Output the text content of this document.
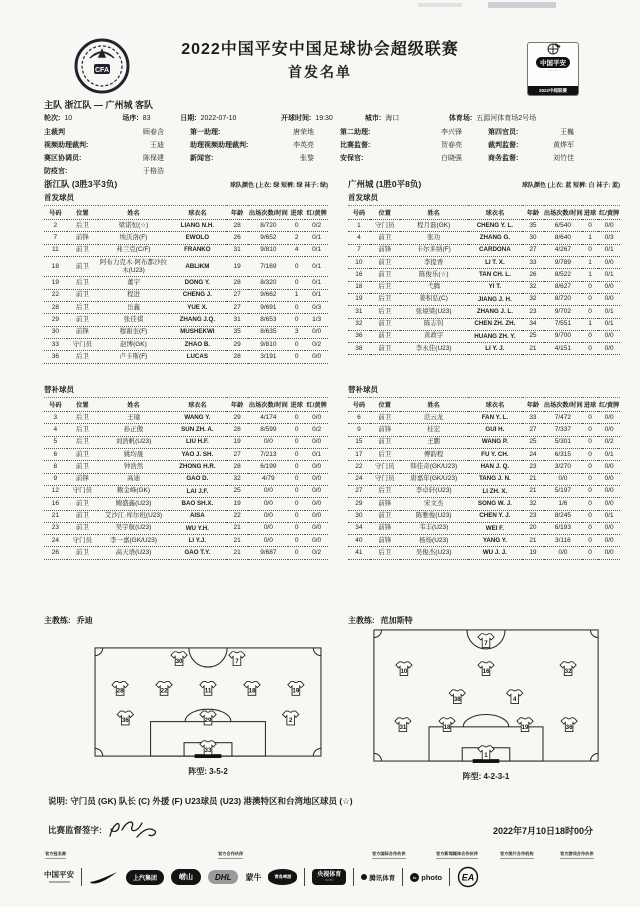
CFA
2022中国平安中国足球协会超级联赛
首发名单
中国平安
·········
2022中超联赛
主队 浙江队 — 广州城 客队
轮次: 10	场序: 83	日期: 2022-07-10	开球时间: 19:30	城市: 海口	体育场: 五源河体育场2号场
主裁判	顾春含	第一助理:	唐荣地	第二助理:	李兴锋	第四官员:	王巍
视频助理裁判:	王迪	助理视频助理裁判:	李英亮	比赛监督:	贺春亮	裁判监督:	黄烨军
赛区协调员:	陈保建	新闻官:	张黎	安保官:	白晓强	商务监督:	刘竹佳
防疫官:	于格浩
浙江队 (3胜3平3负)	球队颜色 (上衣: 绿 短裤: 绿 袜子: 绿) 广州城 (1胜0平8负)	球队颜色 (上衣: 蓝 短裤: 白 袜子: 蓝)
首发球员
号码	位置	姓名	球衣名	年龄	出场次数/时间	进球	红/黄牌
2	后卫	梁诺恒(☆)	LIANG N.H.	28	8/720	0	0/2
7	前锋	埃沃洛(F)	EWOLO	26	9/652	2	0/1
11	前卫	弗兰克(C/F)	FRANKO	31	9/810	4	0/1
18	前卫	阿布力克木·阿布都沙拉木(U23)	ABLIKM	19	7/169	0	0/1
19	后卫	董宇	DONG Y.	28	8/320	0	0/1
22	前卫	程进	CHENG J.	27	9/662	1	0/1
28	后卫	岳鑫	YUE X.	27	9/691	0	0/3
29	前卫	张佳祺	ZHANG J.Q.	31	8/653	0	1/3
30	前锋	穆谢奎(F)	MUSHEKWI	35	8/635	3	0/0
33	守门员	赵博(GK)	ZHAO B.	29	9/810	0	0/2
36	后卫	卢卡斯(F)	LUCAS	28	3/191	0	0/0
首发球员
号码	位置	姓名	球衣名	年龄	出场次数/时间	进球	红/黄牌
1	守门员	程月磊(GK)	CHENG Y. L.	35	6/540	0	0/0
4	前卫	张功	ZHANG G.	30	8/640	1	0/3
7	前锋	卡尔多纳(F)	CARDONA	27	4/267	0	0/1
10	前卫	李提香	LI T. X.	33	9/789	1	0/0
16	前卫	陈俊乐(☆)	TAN CH. L.	26	8/522	1	0/1
18	后卫	弋腾	YI T.	32	8/627	0	0/0
19	后卫	姜积弘(C)	JIANG J. H.	32	8/720	0	0/0
31	后卫	张境梁(U23)	ZHANG J. L.	23	9/702	0	0/1
32	前卫	陈志钊	CHEN ZH. ZH.	34	7/551	1	0/1
36	前卫	黄政宇	HUANG ZH. Y.	25	9/700	0	0/0
38	前卫	李永佳(U23)	LI Y. J.	21	4/151	0	0/0
替补球员
号码	位置	姓名	球衣名	年龄	出场次数/时间	进球	红/黄牌
3	后卫	王瑜	WANG Y.	29	4/174	0	0/0
4	后卫	孙正傲	SUN ZH. A.	28	8/599	0	0/2
5	后卫	刘浩帆(U23)	LIU H.F.	19	0/0	0	0/0
6	前卫	姚均晟	YAO J. SH.	27	7/213	0	0/1
8	前卫	钟浩然	ZHONG H.R.	28	6/199	0	0/0
9	前锋	高迪	GAO D.	32	4/79	0	0/0
12	守门员	赖金峰(GK)	LAI J.F.	25	0/0	0	0/0
16	前卫	鲍盛鑫(U23)	BAO SH.X.	19	0/0	0	0/0
21	前卫	艾沙江·库尔班(U23)	AISA	22	0/0	0	0/0
23	前卫	吴宇航(U23)	WU Y.H.	21	0/0	0	0/0
24	守门员	李一嘉(GK/U23)	LI Y.J.	21	0/0	0	0/0
26	前卫	高天语(U23)	GAO T.Y.	21	9/687	0	0/2
替补球员
号码	位置	姓名	球衣名	年龄	出场次数/时间	进球	红/黄牌
6	前卫	范云龙	FAN Y. L.	33	7/472	0	0/0
9	前锋	桂宏	GUI H.	27	7/337	0	0/0
15	前卫	王鹏	WANG P.	25	5/301	0	0/2
17	后卫	傅韵程	FU Y. CH.	24	6/315	0	0/1
22	守门员	韩佳奇(GK/U23)	HAN J. Q.	23	3/270	0	0/0
24	守门员	唐嘉年(GK/U23)	TANG J. N.	21	0/0	0	0/0
27	后卫	李卓轩(U23)	LI ZH. X.	21	5/197	0	0/0
29	前锋	宋文杰	SONG W. J.	32	1/6	0	0/0
30	前卫	陈雅俊(U23)	CHEN Y. J.	23	8/245	0	0/1
34	前锋	韦丰(U23)	WEI F.	20	6/193	0	0/0
40	前锋	杨炀(U23)	YANG Y.	21	3/116	0	0/0
41	后卫	吴俊杰(U23)	WU J. J.	19	0/0	0	0/0
主教练: 乔迪	主教练: 范加斯特
30	7
28	22	11	18	19
36	29	2
33
阵型: 3-5-2
7
10	16	32
38	4
31	18	19	36
1
阵型: 4-2-3-1
说明: 守门员 (GK) 队长 (C) 外援 (F) U23球员 (U23) 港澳特区和台湾地区球员 (☆)
比赛监督签字:	2022年7月10日18时00分
官方冠名商	官方合作伙伴	官方国际合作伙伴	官方新闻媒体合作伙伴	官方图片合作机构	官方游戏合作伙伴
中国平安	上汽集团	崂山	DHL	蒙牛	青岛啤酒	央视体育
CCTV	腾讯体育	ic photo EA
